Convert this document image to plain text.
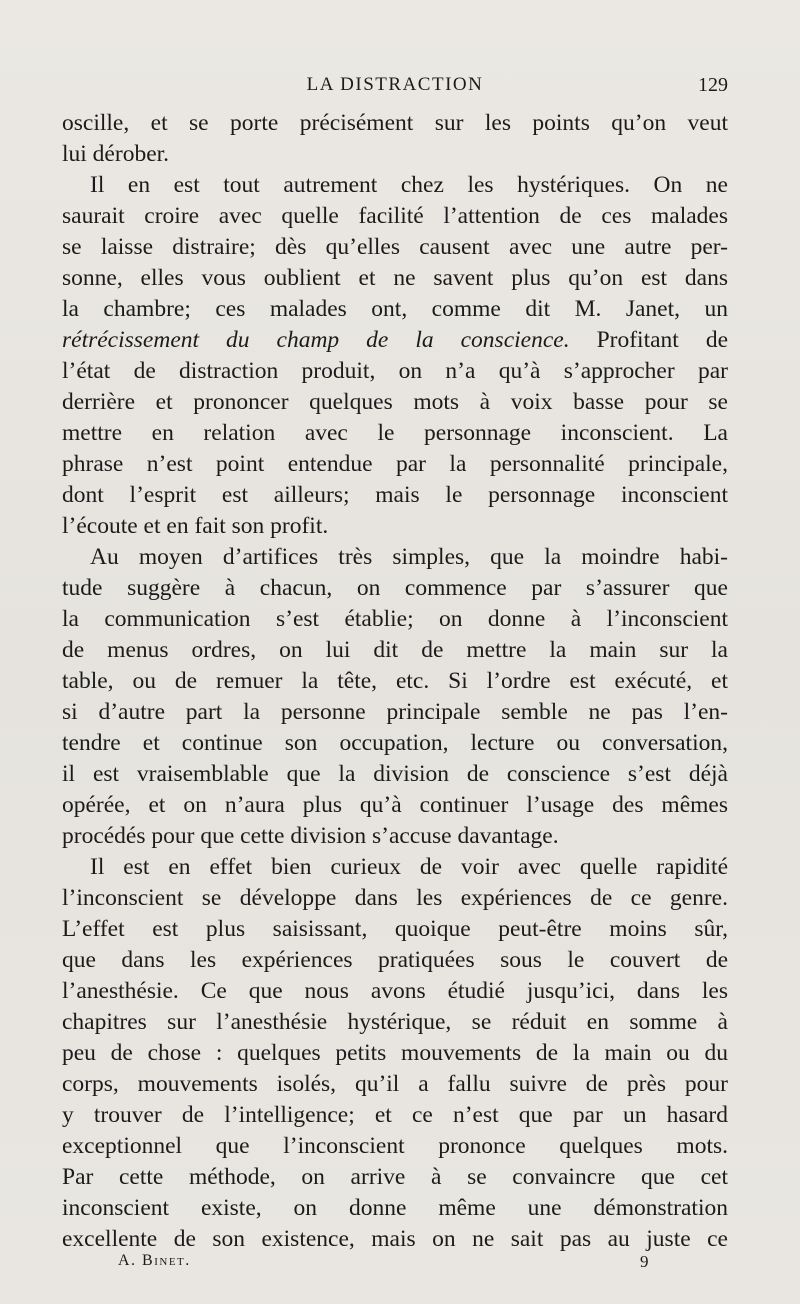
LA DISTRACTION	129
oscille, et se porte précisément sur les points qu’on veut
lui dérober.
Il en est tout autrement chez les hystériques. On ne
saurait croire avec quelle facilité l’attention de ces malades
se laisse distraire; dès qu’elles causent avec une autre per-
sonne, elles vous oublient et ne savent plus qu’on est dans
la chambre; ces malades ont, comme dit M. Janet, un
rétrécissement du champ de la conscience. Profitant de
l’état de distraction produit, on n’a qu’à s’approcher par
derrière et prononcer quelques mots à voix basse pour se
mettre en relation avec le personnage inconscient. La
phrase n’est point entendue par la personnalité principale,
dont l’esprit est ailleurs; mais le personnage inconscient
l’écoute et en fait son profit.
Au moyen d’artifices très simples, que la moindre habi-
tude suggère à chacun, on commence par s’assurer que
la communication s’est établie; on donne à l’inconscient
de menus ordres, on lui dit de mettre la main sur la
table, ou de remuer la tête, etc. Si l’ordre est exécuté, et
si d’autre part la personne principale semble ne pas l’en-
tendre et continue son occupation, lecture ou conversation,
il est vraisemblable que la division de conscience s’est déjà
opérée, et on n’aura plus qu’à continuer l’usage des mêmes
procédés pour que cette division s’accuse davantage.
Il est en effet bien curieux de voir avec quelle rapidité
l’inconscient se développe dans les expériences de ce genre.
L’effet est plus saisissant, quoique peut-être moins sûr,
que dans les expériences pratiquées sous le couvert de
l’anesthésie. Ce que nous avons étudié jusqu’ici, dans les
chapitres sur l’anesthésie hystérique, se réduit en somme à
peu de chose : quelques petits mouvements de la main ou du
corps, mouvements isolés, qu’il a fallu suivre de près pour
y trouver de l’intelligence; et ce n’est que par un hasard
exceptionnel que l’inconscient prononce quelques mots.
Par cette méthode, on arrive à se convaincre que cet
inconscient existe, on donne même une démonstration
excellente de son existence, mais on ne sait pas au juste ce
A. Binet.	9
